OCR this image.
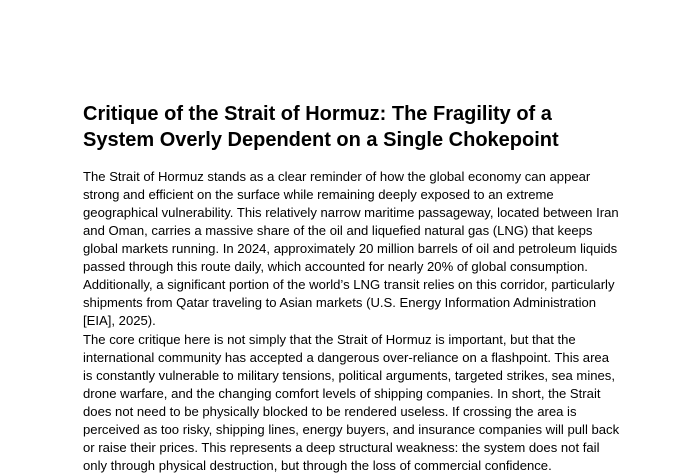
Critique of the Strait of Hormuz: The Fragility of a
System Overly Dependent on a Single Chokepoint

The Strait of Hormuz stands as a clear reminder of how the global economy can appear
strong and efficient on the surface while remaining deeply exposed to an extreme
geographical vulnerability. This relatively narrow maritime passageway, located between Iran
and Oman, carries a massive share of the oil and liquefied natural gas (LNG) that keeps
global markets running. In 2024, approximately 20 million barrels of oil and petroleum liquids
passed through this route daily, which accounted for nearly 20% of global consumption.
Additionally, a significant portion of the world’s LNG transit relies on this corridor, particularly
shipments from Qatar traveling to Asian markets (U.S. Energy Information Administration
[EIA], 2025).

The core critique here is not simply that the Strait of Hormuz is important, but that the
international community has accepted a dangerous over-reliance on a flashpoint. This area
is constantly vulnerable to military tensions, political arguments, targeted strikes, sea mines,
drone warfare, and the changing comfort levels of shipping companies. In short, the Strait
does not need to be physically blocked to be rendered useless. If crossing the area is
perceived as too risky, shipping lines, energy buyers, and insurance companies will pull back
or raise their prices. This represents a deep structural weakness: the system does not fail
only through physical destruction, but through the loss of commercial confidence.
